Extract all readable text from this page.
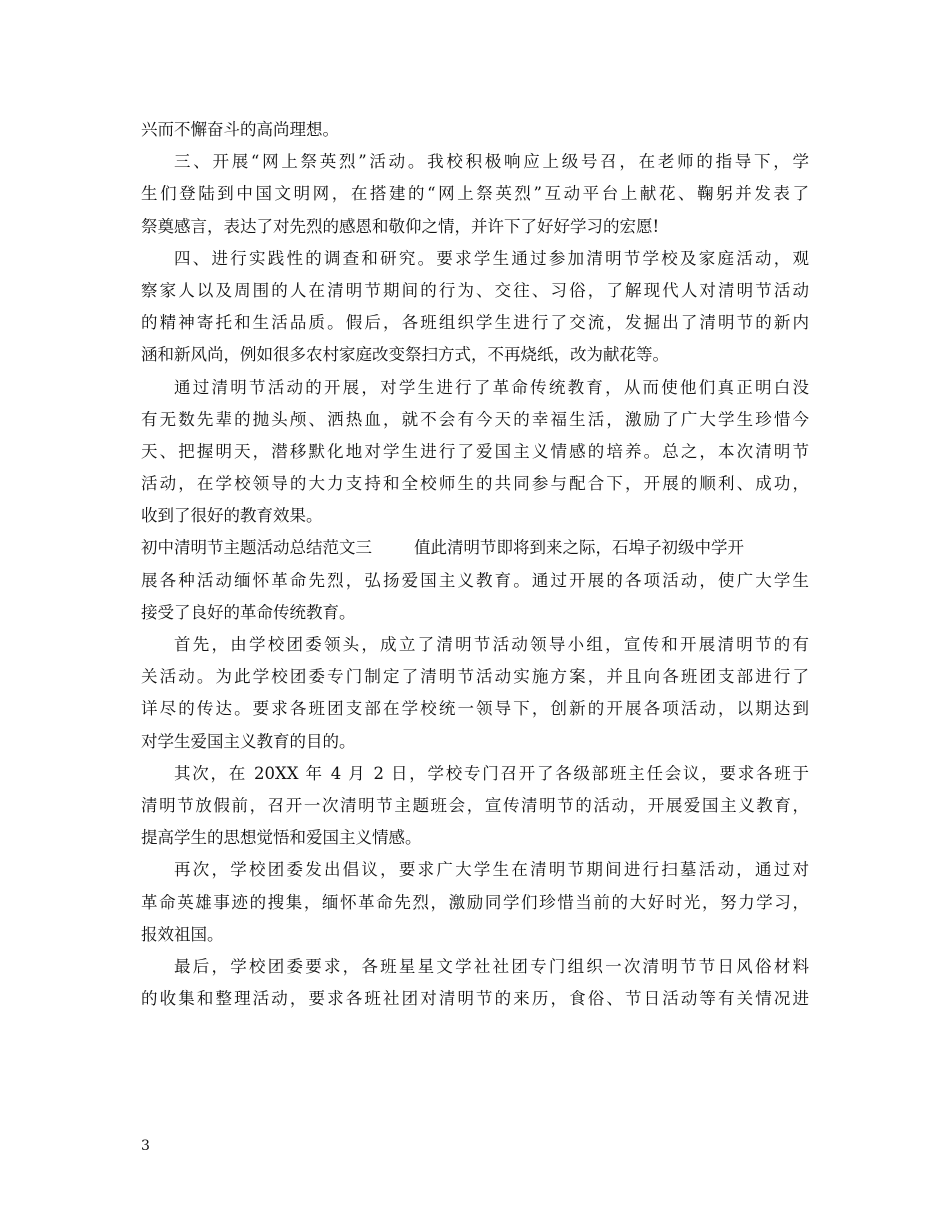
兴而不懈奋斗的高尚理想。
三、开展“网上祭英烈”活动。我校积极响应上级号召，在老师的指导下，学
生们登陆到中国文明网，在搭建的“网上祭英烈”互动平台上献花、鞠躬并发表了
祭奠感言，表达了对先烈的感恩和敬仰之情，并许下了好好学习的宏愿!
四、进行实践性的调查和研究。要求学生通过参加清明节学校及家庭活动，观
察家人以及周围的人在清明节期间的行为、交往、习俗，了解现代人对清明节活动
的精神寄托和生活品质。假后，各班组织学生进行了交流，发掘出了清明节的新内
涵和新风尚，例如很多农村家庭改变祭扫方式，不再烧纸，改为献花等。
通过清明节活动的开展，对学生进行了革命传统教育，从而使他们真正明白没
有无数先辈的抛头颅、洒热血，就不会有今天的幸福生活，激励了广大学生珍惜今
天、把握明天，潜移默化地对学生进行了爱国主义情感的培养。总之，本次清明节
活动，在学校领导的大力支持和全校师生的共同参与配合下，开展的顺利、成功，
收到了很好的教育效果。
初中清明节主题活动总结范文三	值此清明节即将到来之际，石埠子初级中学开
展各种活动缅怀革命先烈，弘扬爱国主义教育。通过开展的各项活动，使广大学生
接受了良好的革命传统教育。
首先，由学校团委领头，成立了清明节活动领导小组，宣传和开展清明节的有
关活动。为此学校团委专门制定了清明节活动实施方案，并且向各班团支部进行了
详尽的传达。要求各班团支部在学校统一领导下，创新的开展各项活动，以期达到
对学生爱国主义教育的目的。
其次，在 20XX 年 4 月 2 日，学校专门召开了各级部班主任会议，要求各班于
清明节放假前，召开一次清明节主题班会，宣传清明节的活动，开展爱国主义教育，
提高学生的思想觉悟和爱国主义情感。
再次，学校团委发出倡议，要求广大学生在清明节期间进行扫墓活动，通过对
革命英雄事迹的搜集，缅怀革命先烈，激励同学们珍惜当前的大好时光，努力学习，
报效祖国。
最后，学校团委要求，各班星星文学社社团专门组织一次清明节节日风俗材料
的收集和整理活动，要求各班社团对清明节的来历，食俗、节日活动等有关情况进
3
